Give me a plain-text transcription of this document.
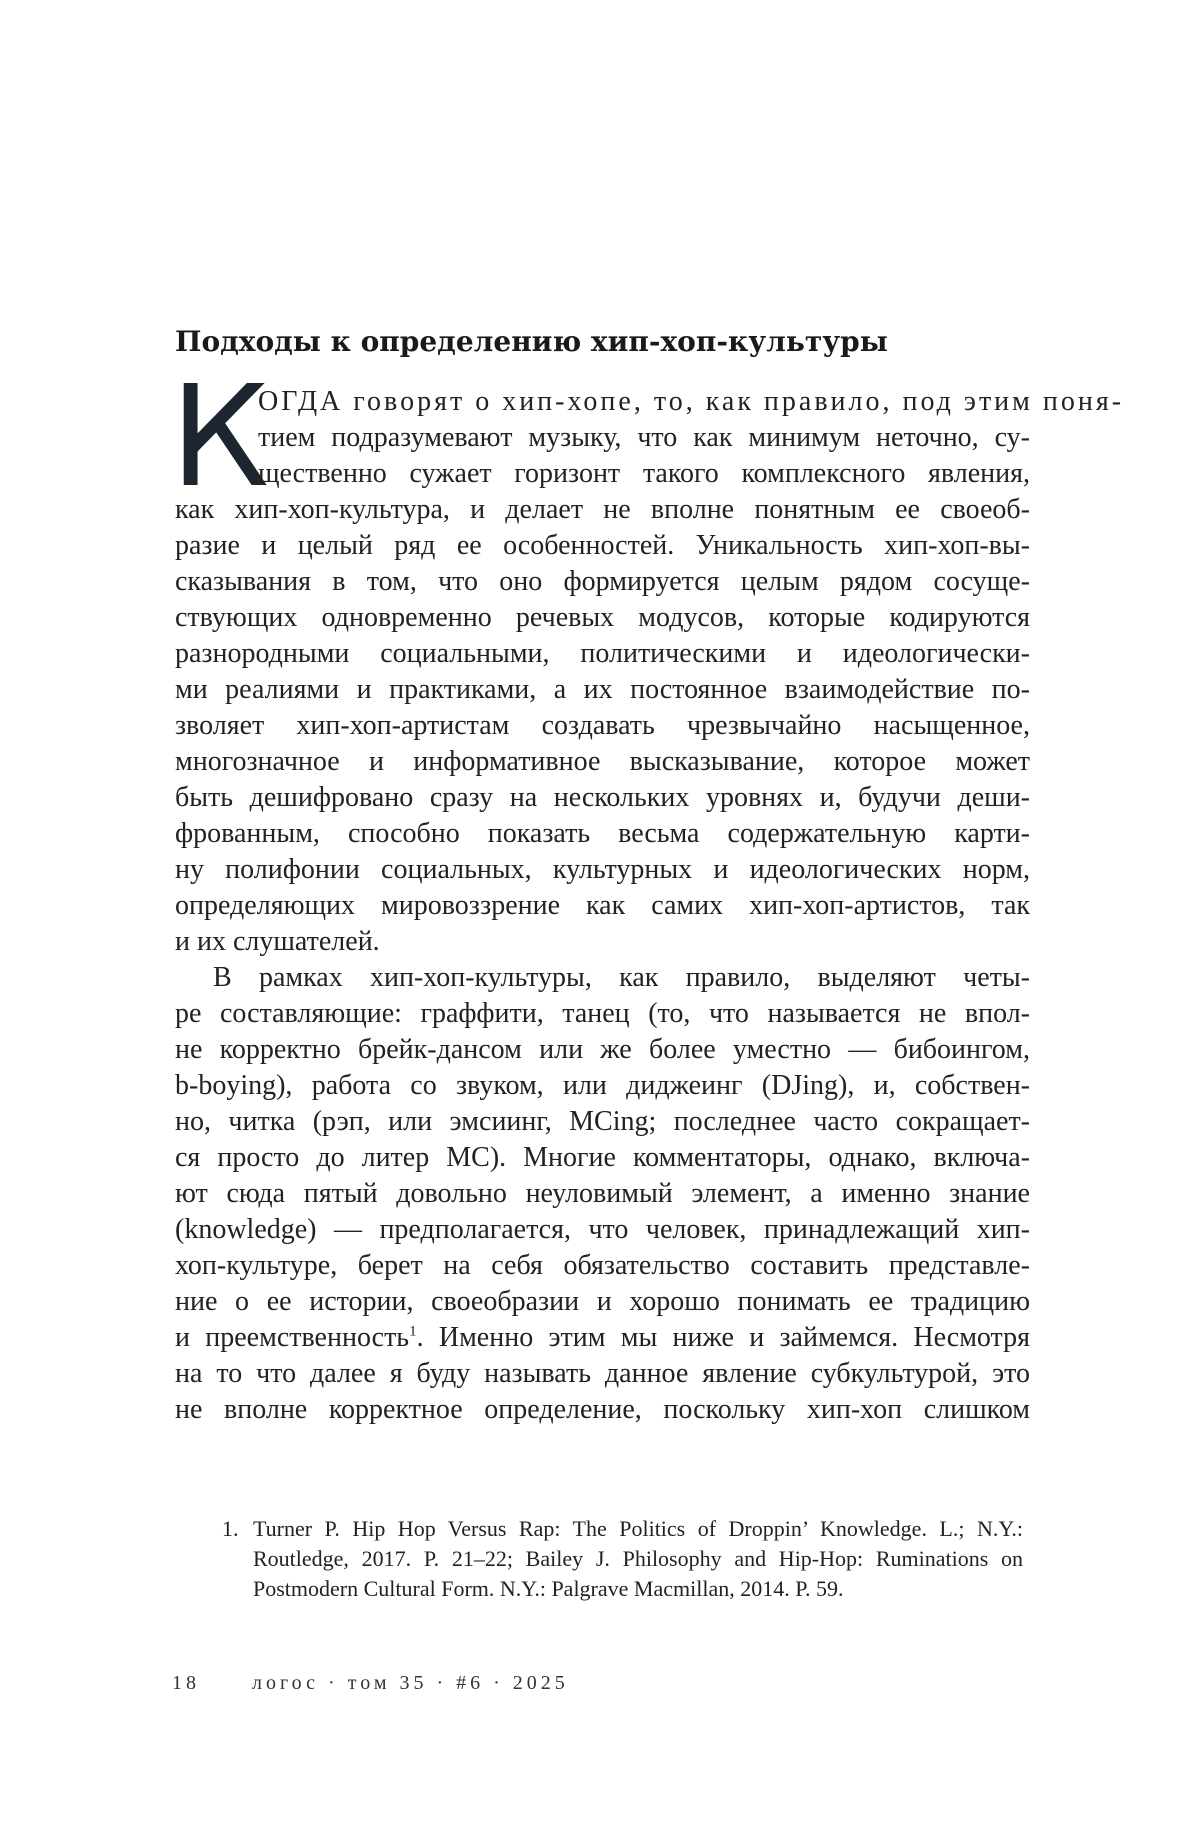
Подходы к определению хип-хоп-культуры
К
ОГДА говорят о хип-хопе, то, как правило, под этим поня-
тием подразумевают музыку, что как минимум неточно, су-
щественно сужает горизонт такого комплексного явления,
как хип-хоп-культура, и делает не вполне понятным ее своеоб-
разие и целый ряд ее особенностей. Уникальность хип-хоп-вы-
сказывания в том, что оно формируется целым рядом сосуще-
ствующих одновременно речевых модусов, которые кодируются
разнородными социальными, политическими и идеологически-
ми реалиями и практиками, а их постоянное взаимодействие по-
зволяет хип-хоп-артистам создавать чрезвычайно насыщенное,
многозначное и информативное высказывание, которое может
быть дешифровано сразу на нескольких уровнях и, будучи деши-
фрованным, способно показать весьма содержательную карти-
ну полифонии социальных, культурных и идеологических норм,
определяющих мировоззрение как самих хип-хоп-артистов, так
и их слушателей.
В рамках хип-хоп-культуры, как правило, выделяют четы-
ре составляющие: граффити, танец (то, что называется не впол-
не корректно брейк-дансом или же более уместно — бибоингом,
b-boying), работа со звуком, или диджеинг (DJing), и, собствен-
но, читка (рэп, или эмсиинг, MCing; последнее часто сокращает-
ся просто до литер MC). Многие комментаторы, однако, включа-
ют сюда пятый довольно неуловимый элемент, а именно знание
(knowledge) — предполагается, что человек, принадлежащий хип-
хоп-культуре, берет на себя обязательство составить представле-
ние о ее истории, своеобразии и хорошо понимать ее традицию
и преемственность$^1$. Именно этим мы ниже и займемся. Несмотря
на то что далее я буду называть данное явление субкультурой, это
не вполне корректное определение, поскольку хип-хоп слишком
1. Turner P. Hip Hop Versus Rap: The Politics of Droppin’ Knowledge. L.; N.Y.:
Routledge, 2017. P. 21–22; Bailey J. Philosophy and Hip-Hop: Ruminations on
Postmodern Cultural Form. N.Y.: Palgrave Macmillan, 2014. P. 59.
18	логос · том 35 · #6 · 2025
